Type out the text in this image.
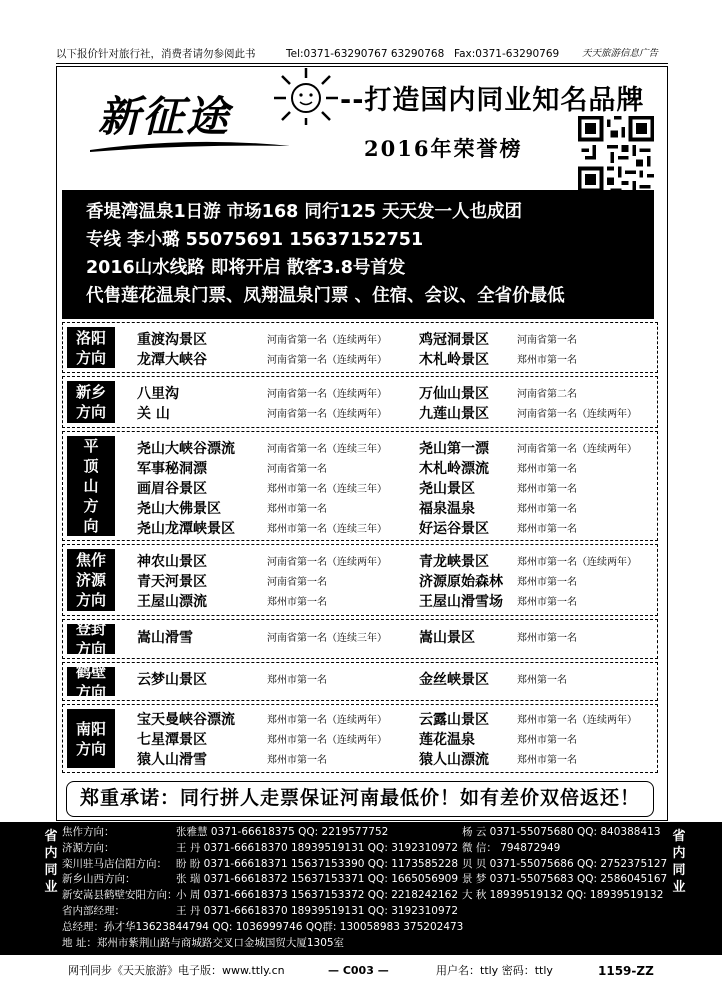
以下报价针对旅行社，消费者请勿参阅此书	Tel:0371-63290767 63290768 Fax:0371-63290769 天天旅游信息广告
新征途	--打造国内同业知名品牌
2016年荣誉榜
香堤湾温泉1日游 市场168 同行125 天天发一人也成团
专线 李小璐 55075691 15637152751
2016山水线路 即将开启 散客3.8号首发
代售莲花温泉门票、凤翔温泉门票 、住宿、会议、全省价最低
洛阳
方向
重渡沟景区	河南省第一名（连续两年） 鸡冠洞景区	河南省第一名
龙潭大峡谷	河南省第一名（连续两年） 木札岭景区	郑州市第一名
新乡
方向
八里沟	河南省第一名（连续两年） 万仙山景区	河南省第二名
关 山	河南省第一名（连续两年） 九莲山景区	河南省第一名（连续两年）
平
顶
山
方
向
尧山大峡谷漂流	河南省第一名（连续三年） 尧山第一漂	河南省第一名（连续两年）
军事秘洞漂	河南省第一名	木札岭漂流	郑州市第一名
画眉谷景区	郑州市第一名（连续三年） 尧山景区	郑州市第一名
尧山大佛景区	郑州市第一名	福泉温泉	郑州市第一名
尧山龙潭峡景区	郑州市第一名（连续三年） 好运谷景区	郑州市第一名
焦作
济源
方向
神农山景区	河南省第一名（连续两年） 青龙峡景区	郑州市第一名（连续两年）
青天河景区	河南省第一名	济源原始森林 郑州市第一名
王屋山漂流	郑州市第一名	王屋山滑雪场 郑州市第一名
登封
方向
嵩山滑雪	河南省第一名（连续三年） 嵩山景区	郑州市第一名
鹤壁
方向
云梦山景区	郑州市第一名	金丝峡景区	郑州第一名
南阳
方向
宝天曼峡谷漂流	郑州市第一名（连续两年） 云露山景区	郑州市第一名（连续两年）
七星潭景区	郑州市第一名（连续两年） 莲花温泉	郑州市第一名
猿人山滑雪	郑州市第一名	猿人山漂流	郑州市第一名
郑重承诺：同行拼人走票保证河南最低价！如有差价双倍返还！
省
内
同
业
省
内
同
业
焦作方向：	张雅慧 0371-66618375 QQ: 2219577752	杨 云 0371-55075680 QQ: 840388413
济源方向：	王 丹 0371-66618370 18939519131 QQ: 3192310972 微 信： 794872949
栾川驻马店信阳方向： 盼 盼 0371-66618371 15637153390 QQ: 1173585228 贝 贝 0371-55075686 QQ: 2752375127
新乡山西方向：	张 瑞 0371-66618372 15637153371 QQ: 1665056909 景 梦 0371-55075683 QQ: 2586045167
新安嵩县鹤壁安阳方向：
小 周 0371-66618373 15637153372 QQ: 2218242162 大 秋 18939519132 QQ: 18939519132
省内部经理：	王 丹 0371-66618370 18939519131 QQ: 3192310972
总经理：孙才华13623844794 QQ: 1036999746 QQ群: 130058983 375202473
地 址：郑州市紫荆山路与商城路交叉口金城国贸大厦1305室
网刊同步《天天旅游》电子版：www.ttly.cn	— C003 —	用户名：ttly 密码：ttly	1159-ZZ
